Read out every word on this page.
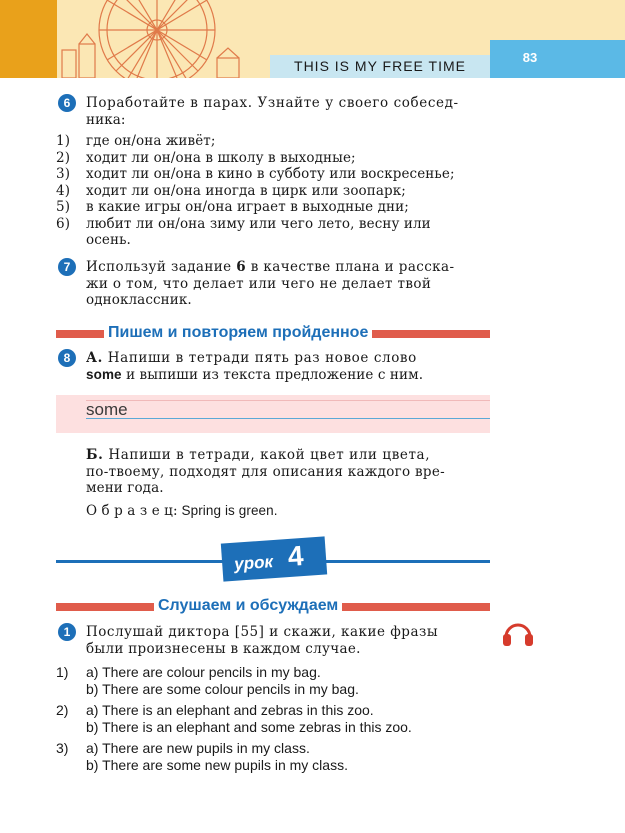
THIS IS MY FREE TIME
83
6	Поработайте в парах. Узнайте у своего собесед-
ника:
1)	где он/она живёт;
2)	ходит ли он/она в школу в выходные;
3)	ходит ли он/она в кино в субботу или воскресенье;
4)	ходит ли он/она иногда в цирк или зоопарк;
5)	в какие игры он/она играет в выходные дни;
6)	любит ли он/она зиму или чего лето, весну или
осень.
7	Используй задание 6 в качестве плана и расска-
жи о том, что делает или чего не делает твой
одноклассник.
Пишем и повторяем пройденное
8	А. Напиши в тетради пять раз новое слово
some и выпиши из текста предложение с ним.
some
Б. Напиши в тетради, какой цвет или цвета,
по-твоему, подходят для описания каждого вре-
мени года.
О б р а з е ц: Spring is green.
урок 4
Слушаем и обсуждаем
1	Послушай диктора [55] и скажи, какие фразы
были произнесены в каждом случае.
1)	a) There are colour pencils in my bag.
b) There are some colour pencils in my bag.
2)	a) There is an elephant and zebras in this zoo.
b) There is an elephant and some zebras in this zoo.
3)	a) There are new pupils in my class.
b) There are some new pupils in my class.
